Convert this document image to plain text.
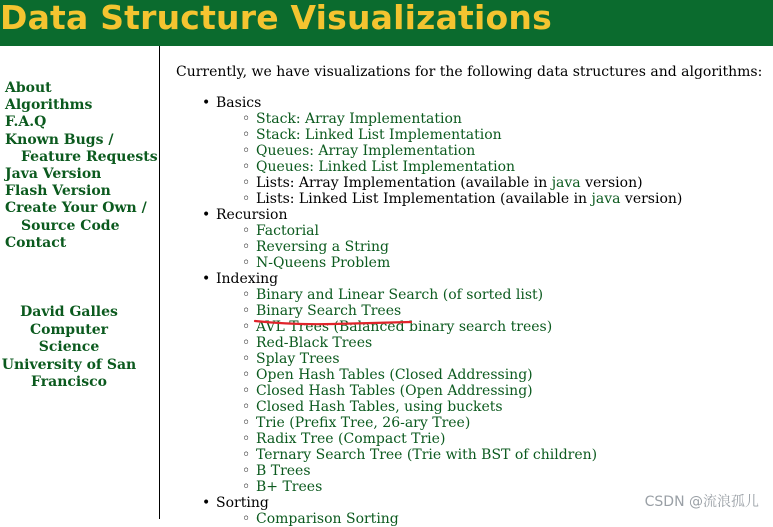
Data Structure Visualizations
About
Algorithms
F.A.Q
Known Bugs /
Feature Requests
Java Version
Flash Version
Create Your Own /
Source Code
Contact
David Galles
Computer Science
University of San
Francisco

Currently, we have visualizations for the following data structures and algorithms:

• Basics
◦ Stack: Array Implementation
◦ Stack: Linked List Implementation
◦ Queues: Array Implementation
◦ Queues: Linked List Implementation
◦ Lists: Array Implementation (available in java version)
◦ Lists: Linked List Implementation (available in java version)
• Recursion
◦ Factorial
◦ Reversing a String
◦ N-Queens Problem
• Indexing
◦ Binary and Linear Search (of sorted list)
◦ Binary Search Trees
◦ AVL Trees (Balanced binary search trees)
◦ Red-Black Trees
◦ Splay Trees
◦ Open Hash Tables (Closed Addressing)
◦ Closed Hash Tables (Open Addressing)
◦ Closed Hash Tables, using buckets
◦ Trie (Prefix Tree, 26-ary Tree)
◦ Radix Tree (Compact Trie)
◦ Ternary Search Tree (Trie with BST of children)
◦ B Trees
◦ B+ Trees
• Sorting
◦ Comparison Sorting
CSDN @流浪孤儿
